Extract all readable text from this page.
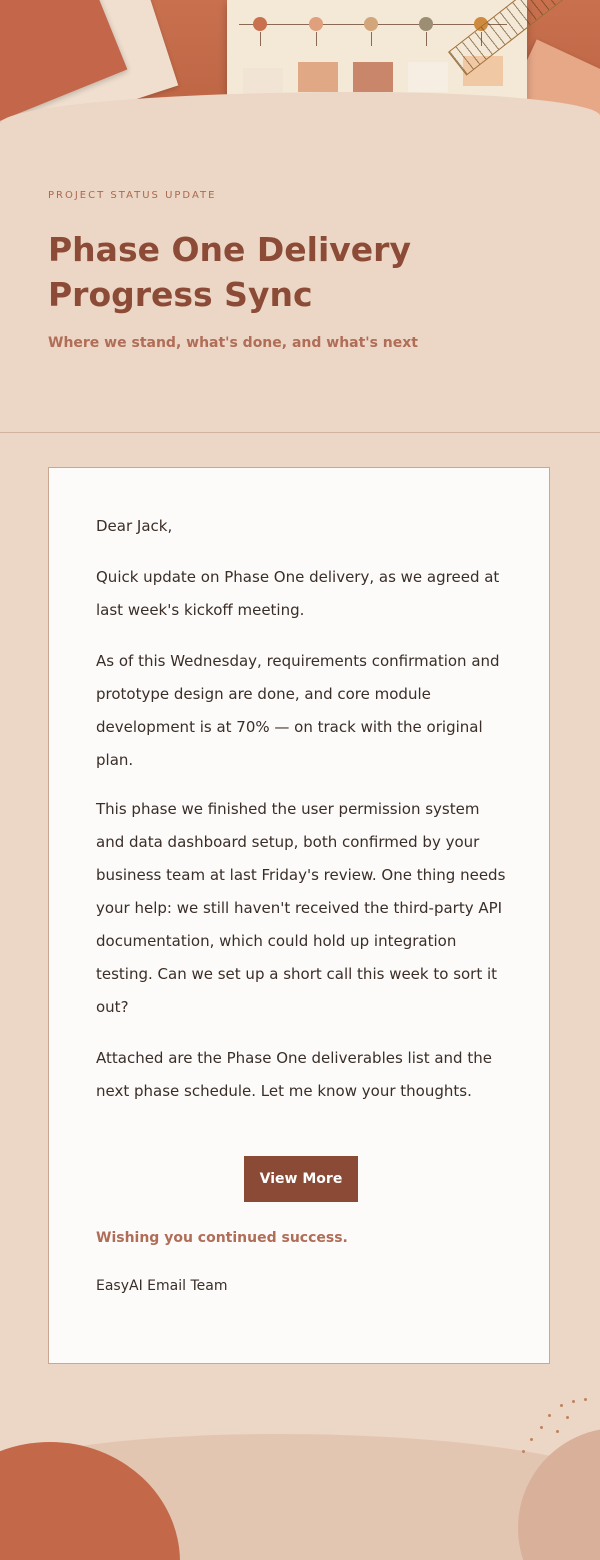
PROJECT STATUS UPDATE
Phase One Delivery Progress Sync
Where we stand, what's done, and what's next

Dear Jack,

Quick update on Phase One delivery, as we agreed at last week's kickoff meeting.

As of this Wednesday, requirements confirmation and prototype design are done, and core module development is at 70% — on track with the original plan.

This phase we finished the user permission system and data dashboard setup, both confirmed by your business team at last Friday's review. One thing needs your help: we still haven't received the third-party API documentation, which could hold up integration testing. Can we set up a short call this week to sort it out?

Attached are the Phase One deliverables list and the next phase schedule. Let me know your thoughts.

View More

Wishing you continued success.

EasyAI Email Team
